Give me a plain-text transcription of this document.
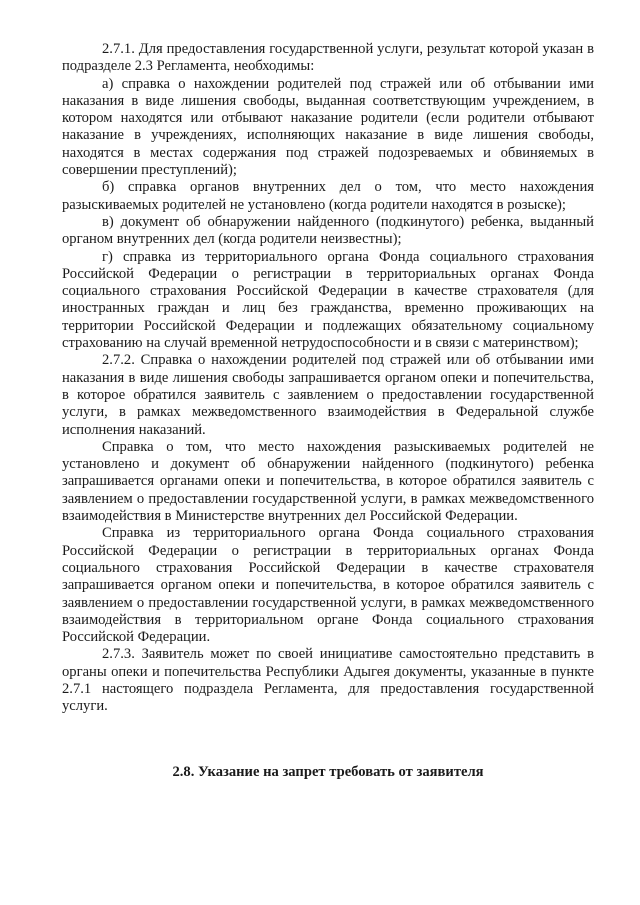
2.7.1. Для предоставления государственной услуги, результат которой указан в подразделе 2.3 Регламента, необходимы:

а) справка о нахождении родителей под стражей или об отбывании ими наказания в виде лишения свободы, выданная соответствующим учреждением, в котором находятся или отбывают наказание родители (если родители отбывают наказание в учреждениях, исполняющих наказание в виде лишения свободы, находятся в местах содержания под стражей подозреваемых и обвиняемых в совершении преступлений);

б) справка органов внутренних дел о том, что место нахождения разыскиваемых родителей не установлено (когда родители находятся в розыске);

в) документ об обнаружении найденного (подкинутого) ребенка, выданный органом внутренних дел (когда родители неизвестны);

г) справка из территориального органа Фонда социального страхования Российской Федерации о регистрации в территориальных органах Фонда социального страхования Российской Федерации в качестве страхователя (для иностранных граждан и лиц без гражданства, временно проживающих на территории Российской Федерации и подлежащих обязательному социальному страхованию на случай временной нетрудоспособности и в связи с материнством);

2.7.2. Справка о нахождении родителей под стражей или об отбывании ими наказания в виде лишения свободы запрашивается органом опеки и попечительства, в которое обратился заявитель с заявлением о предоставлении государственной услуги, в рамках межведомственного взаимодействия в Федеральной службе исполнения наказаний.

Справка о том, что место нахождения разыскиваемых родителей не установлено и документ об обнаружении найденного (подкинутого) ребенка запрашивается органами опеки и попечительства, в которое обратился заявитель с заявлением о предоставлении государственной услуги, в рамках межведомственного взаимодействия в Министерстве внутренних дел Российской Федерации.

Справка из территориального органа Фонда социального страхования Российской Федерации о регистрации в территориальных органах Фонда социального страхования Российской Федерации в качестве страхователя запрашивается органом опеки и попечительства, в которое обратился заявитель с заявлением о предоставлении государственной услуги, в рамках межведомственного взаимодействия в территориальном органе Фонда социального страхования Российской Федерации.

2.7.3. Заявитель может по своей инициативе самостоятельно представить в органы опеки и попечительства Республики Адыгея документы, указанные в пункте 2.7.1 настоящего подраздела Регламента, для предоставления государственной услуги.

2.8. Указание на запрет требовать от заявителя
